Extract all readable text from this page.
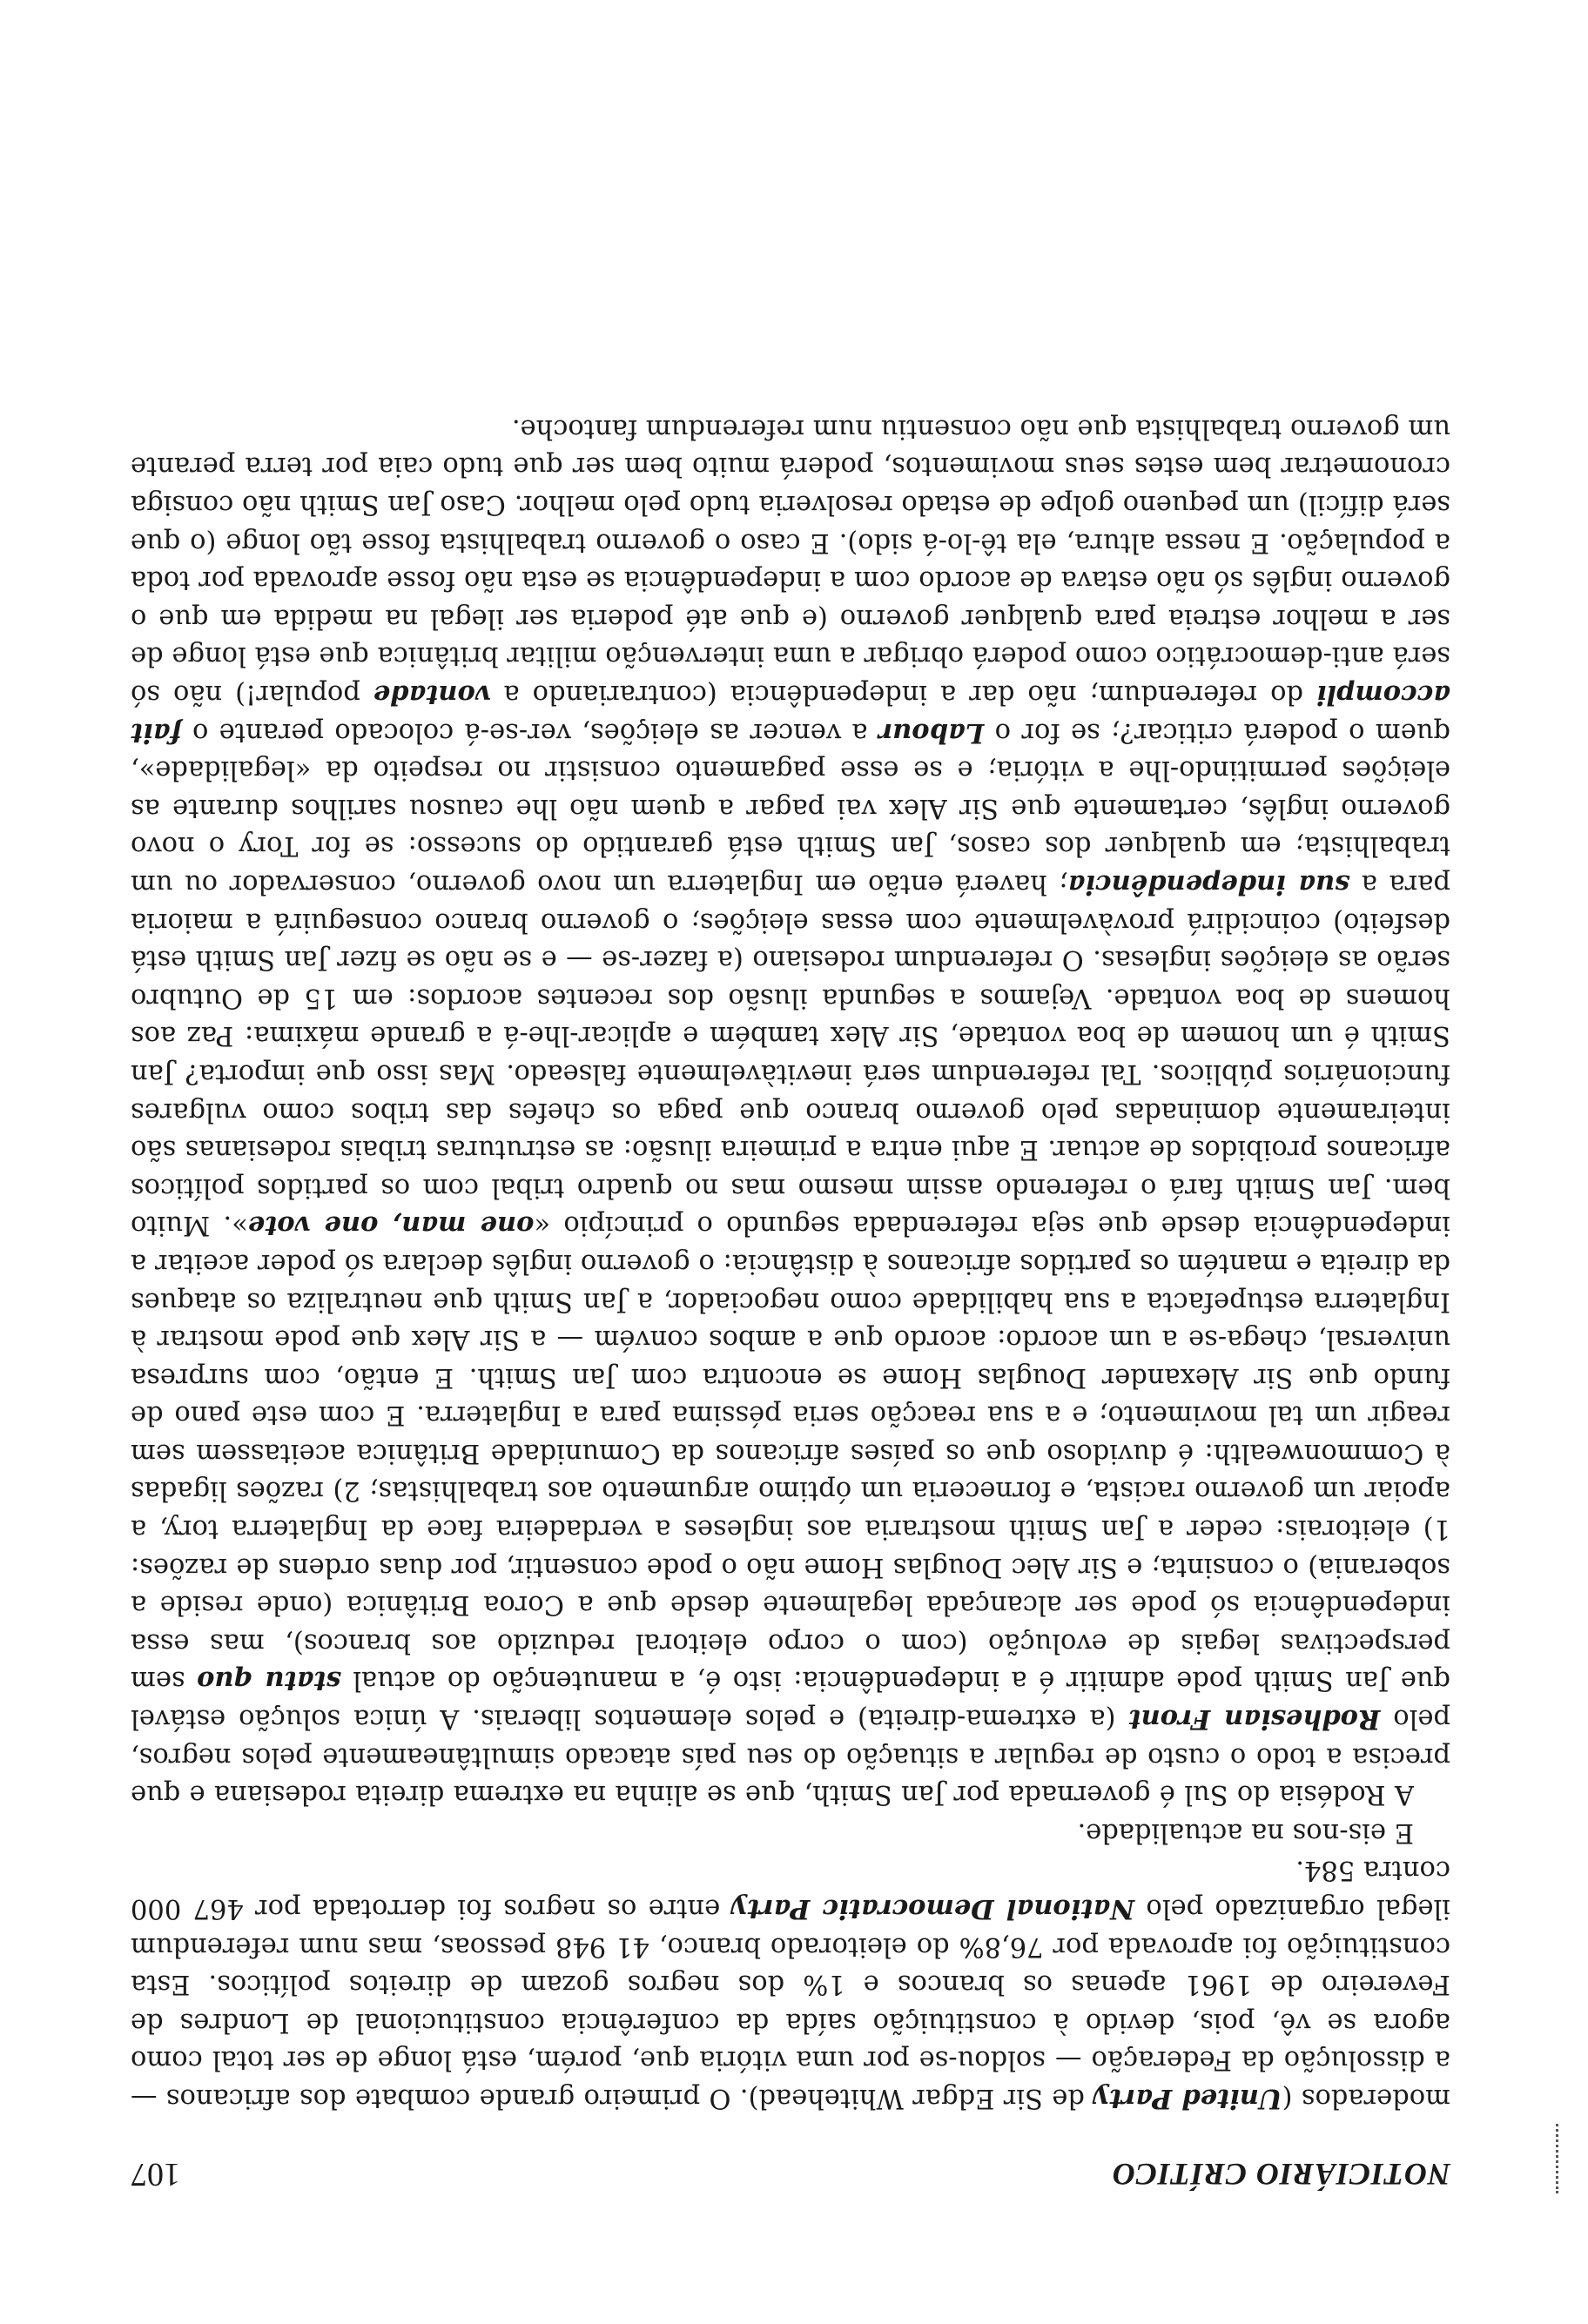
NOTICIÁRIO CRÍTICO
107

moderados (United Party de Sir Edgar Whitehead). O primeiro grande combate dos africanos — a dissolução da Federação — soldou-se por uma vitória que, porém, está longe de ser total como agora se vê, pois, devido à constituição saída da conferência constitucional de Londres de Fevereiro de 1961 apenas os brancos e 1% dos negros gozam de direitos políticos. Esta constituição foi aprovada por 76,8% do eleitorado branco, 41 948 pessoas, mas num referendum ilegal organizado pelo National Democratic Party entre os negros foi derrotada por 467 000 contra 584.

E eis-nos na actualidade.

A Rodésia do Sul é governada por Jan Smith, que se alinha na extrema direita rodesiana e que precisa a todo o custo de regular a situação do seu país atacado simultâneamente pelos negros, pelo Rodhesian Front (a extrema-direita) e pelos elementos liberais. A única solução estável que Jan Smith pode admitir é a independência: isto é, a manutenção do actual statu quo sem perspectivas legais de evolução (com o corpo eleitoral reduzido aos brancos), mas essa independência só pode ser alcançada legalmente desde que a Coroa Britânica (onde reside a soberania) o consinta; e Sir Alec Douglas Home não o pode consentir, por duas ordens de razões: 1) eleitorais: ceder a Jan Smith mostraria aos ingleses a verdadeira face da Inglaterra tory, a apoiar um governo racista, e forneceria um óptimo argumento aos trabalhistas; 2) razões ligadas à Commonwealth: é duvidoso que os países africanos da Comunidade Britânica aceitassem sem reagir um tal movimento; e a sua reacção seria péssima para a Inglaterra. E com este pano de fundo que Sir Alexander Douglas Home se encontra com Jan Smith. E então, com surpresa universal, chega-se a um acordo: acordo que a ambos convém — a Sir Alex que pode mostrar à Inglaterra estupefacta a sua habilidade como negociador, a Jan Smith que neutraliza os ataques da direita e mantém os partidos africanos à distância: o governo inglês declara só poder aceitar a independência desde que seja referendada segundo o princípio «one man, one vote». Muito bem. Jan Smith fará o referendo assim mesmo mas no quadro tribal com os partidos políticos africanos proibidos de actuar. E aqui entra a primeira ilusão: as estruturas tribais rodesianas são inteiramente dominadas pelo governo branco que paga os chefes das tribos como vulgares funcionários públicos. Tal referendum será inevitàvelmente falseado. Mas isso que importa? Jan Smith é um homem de boa vontade, Sir Alex também e aplicar-lhe-á a grande máxima: Paz aos homens de boa vontade. Vejamos a segunda ilusão dos recentes acordos: em 15 de Outubro serão as eleições inglesas. O referendum rodesiano (a fazer-se — e se não se fizer Jan Smith está desfeito) coincidirá provàvelmente com essas eleições; o governo branco conseguirá a maioria para a sua independência; haverá então em Inglaterra um novo governo, conservador ou um trabalhista; em qualquer dos casos, Jan Smith está garantido do sucesso: se for Tory o novo governo inglês, certamente que Sir Alex vai pagar a quem não lhe causou sarilhos durante as eleições permitindo-lhe a vitória; e se esse pagamento consistir no respeito da «legalidade», quem o poderá criticar?; se for o Labour a vencer as eleições, ver-se-á colocado perante o fait accompli do referendum; não dar a independência (contrariando a vontade popular!) não só será anti-democrático como poderá obrigar a uma intervenção militar britânica que está longe de ser a melhor estreia para qualquer governo (e que até poderia ser ilegal na medida em que o governo inglês só não estava de acordo com a independência se esta não fosse aprovada por toda a população. E nessa altura, ela tê-lo-á sido). E caso o governo trabalhista fosse tão longe (o que será difícil) um pequeno golpe de estado resolveria tudo pelo melhor. Caso Jan Smith não consiga cronometrar bem estes seus movimentos, poderá muito bem ser que tudo caia por terra perante um governo trabalhista que não consentiu num referendum fantoche.
